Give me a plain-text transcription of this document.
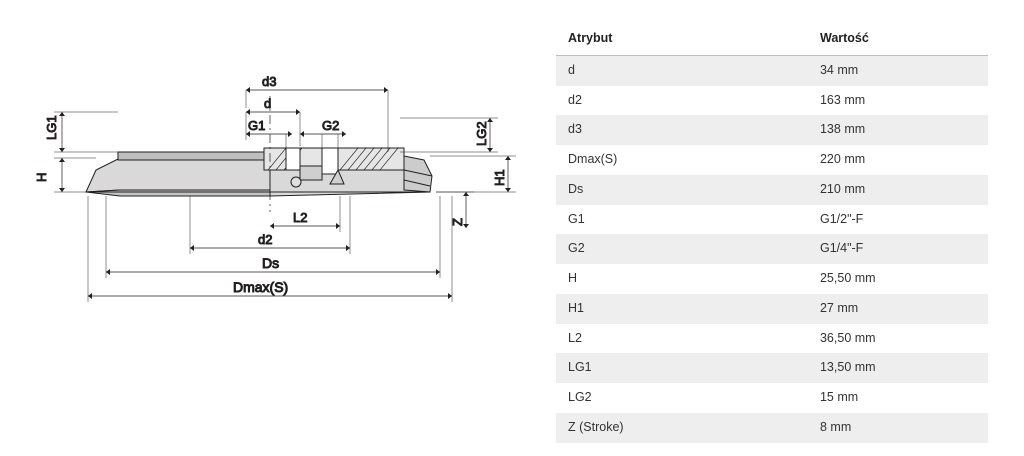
LG1
H
LG2
H1
Z
G1	G2
d
d3
L2
d2
Ds
Dmax(S)
Atrybut	Wartość
d	34 mm
d2	163 mm
d3	138 mm
Dmax(S)	220 mm
Ds	210 mm
G1	G1/2"-F
G2	G1/4"-F
H	25,50 mm
H1	27 mm
L2	36,50 mm
LG1	13,50 mm
LG2	15 mm
Z (Stroke)	8 mm
